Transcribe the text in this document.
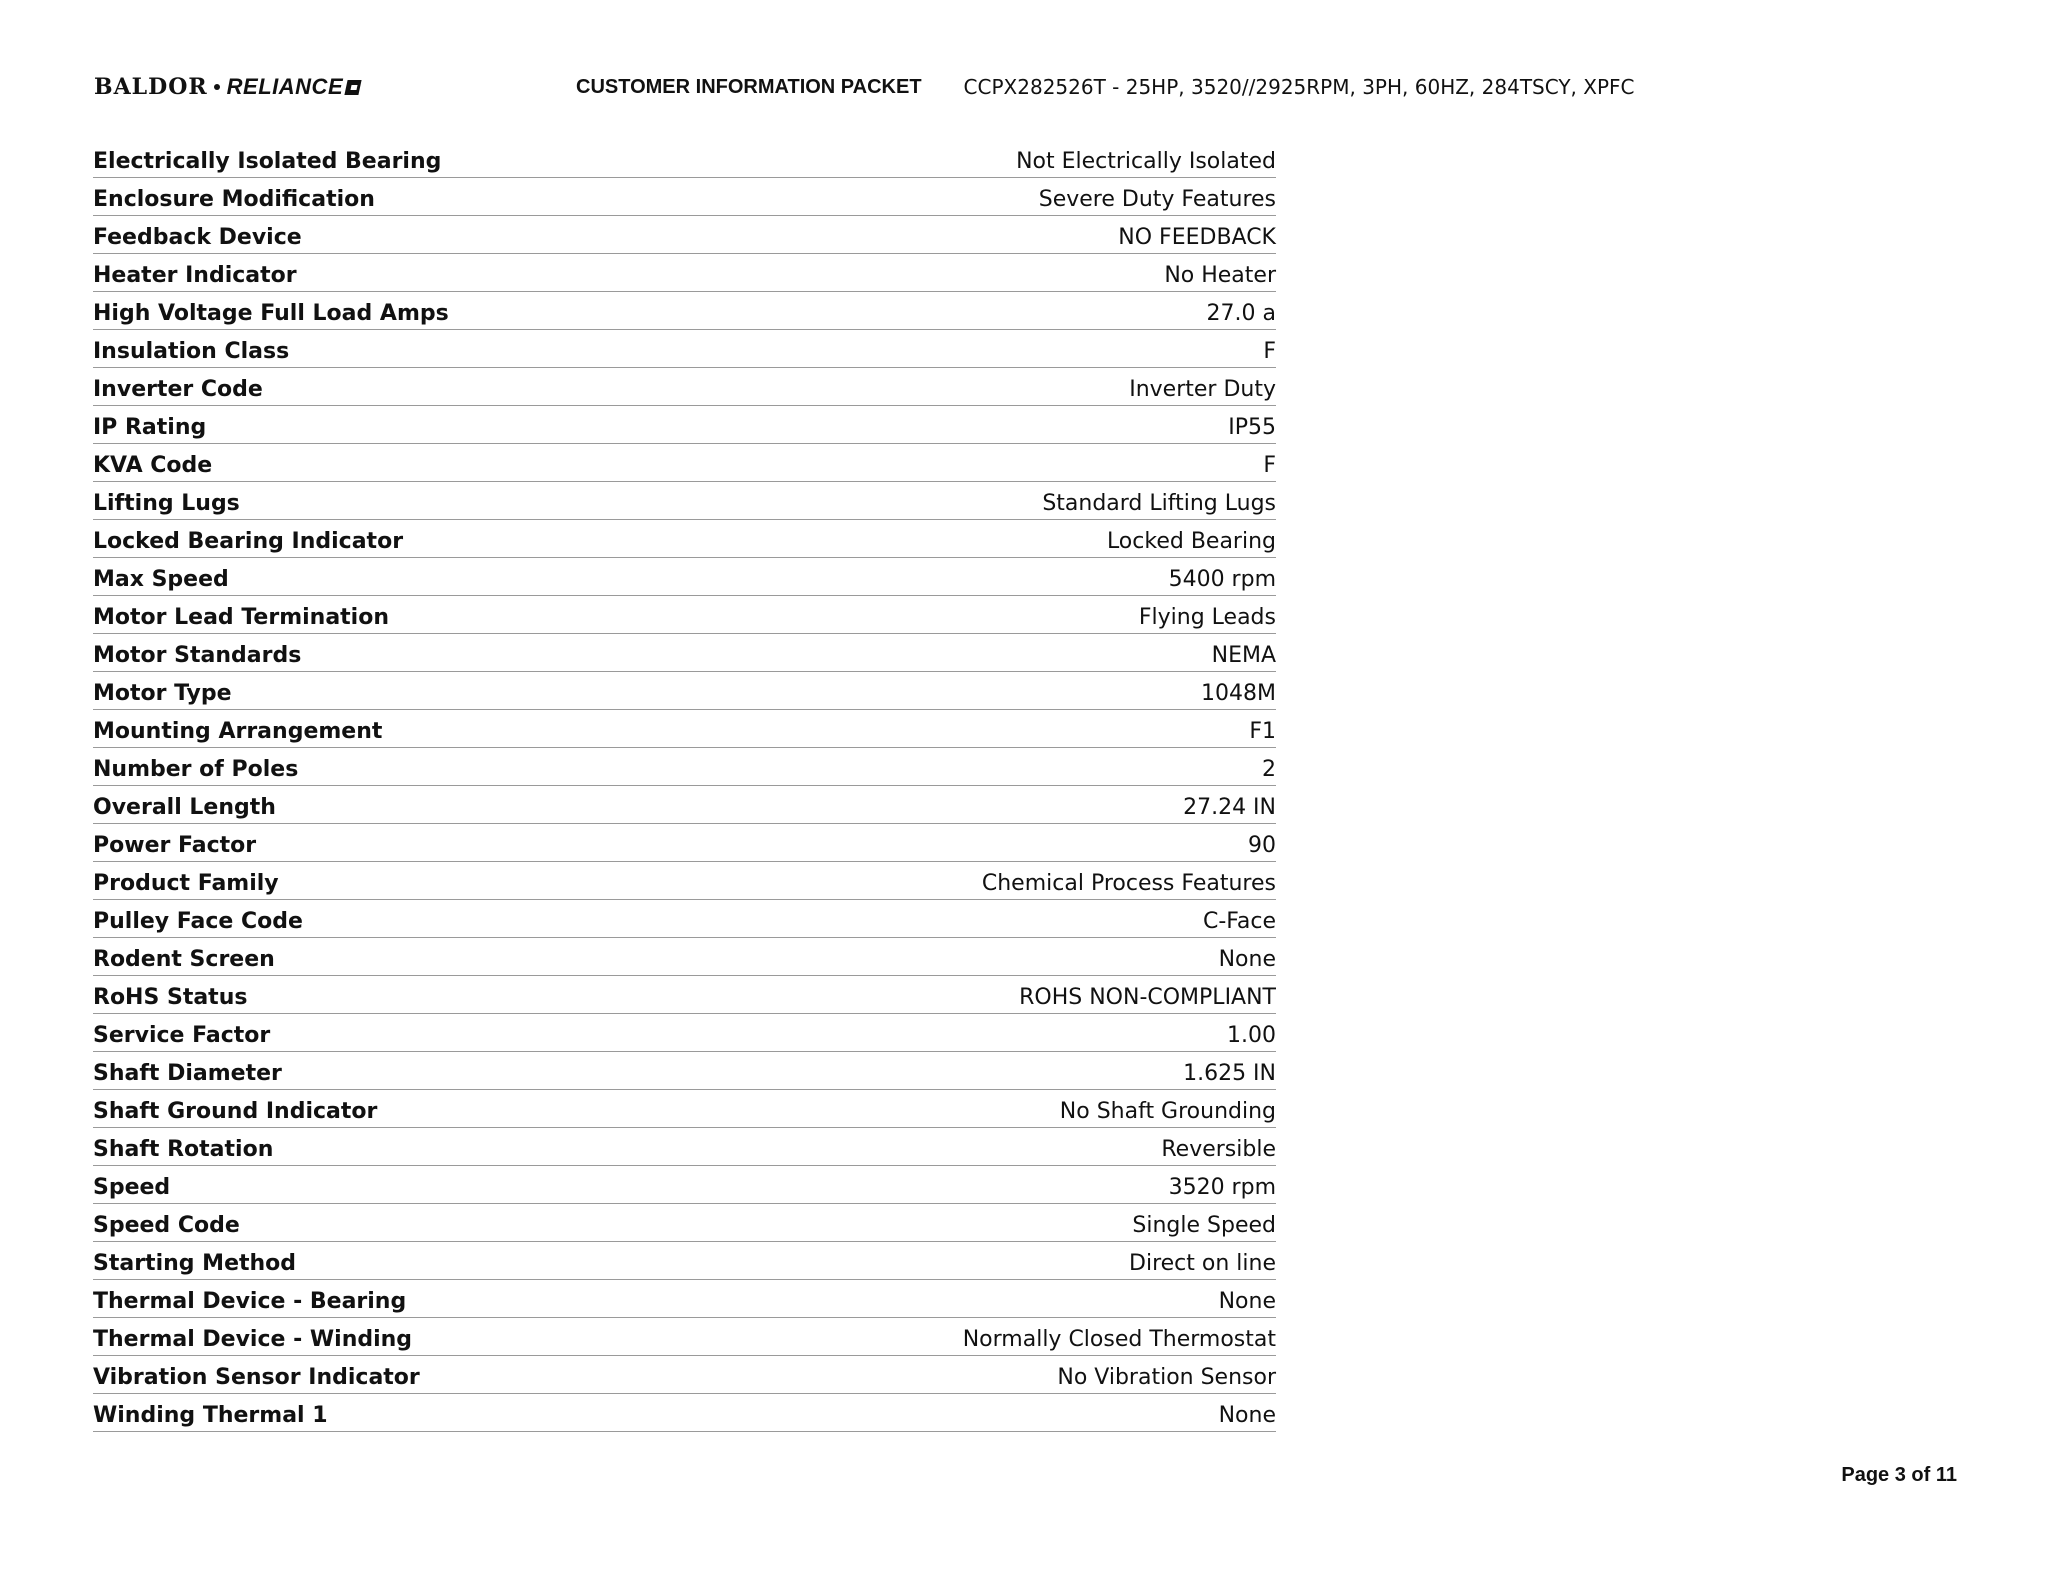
BALDOR RELIANCE	CUSTOMER INFORMATION PACKET CCPX282526T - 25HP, 3520//2925RPM, 3PH, 60HZ, 284TSCY, XPFC
Electrically Isolated Bearing	Not Electrically Isolated
Enclosure Modification	Severe Duty Features
Feedback Device	NO FEEDBACK
Heater Indicator	No Heater
High Voltage Full Load Amps	27.0 a
Insulation Class	F
Inverter Code	Inverter Duty
IP Rating	IP55
KVA Code	F
Lifting Lugs	Standard Lifting Lugs
Locked Bearing Indicator	Locked Bearing
Max Speed	5400 rpm
Motor Lead Termination	Flying Leads
Motor Standards	NEMA
Motor Type	1048M
Mounting Arrangement	F1
Number of Poles	2
Overall Length	27.24 IN
Power Factor	90
Product Family	Chemical Process Features
Pulley Face Code	C-Face
Rodent Screen	None
RoHS Status	ROHS NON-COMPLIANT
Service Factor	1.00
Shaft Diameter	1.625 IN
Shaft Ground Indicator	No Shaft Grounding
Shaft Rotation	Reversible
Speed	3520 rpm
Speed Code	Single Speed
Starting Method	Direct on line
Thermal Device - Bearing	None
Thermal Device - Winding	Normally Closed Thermostat
Vibration Sensor Indicator	No Vibration Sensor
Winding Thermal 1	None
Page 3 of 11
